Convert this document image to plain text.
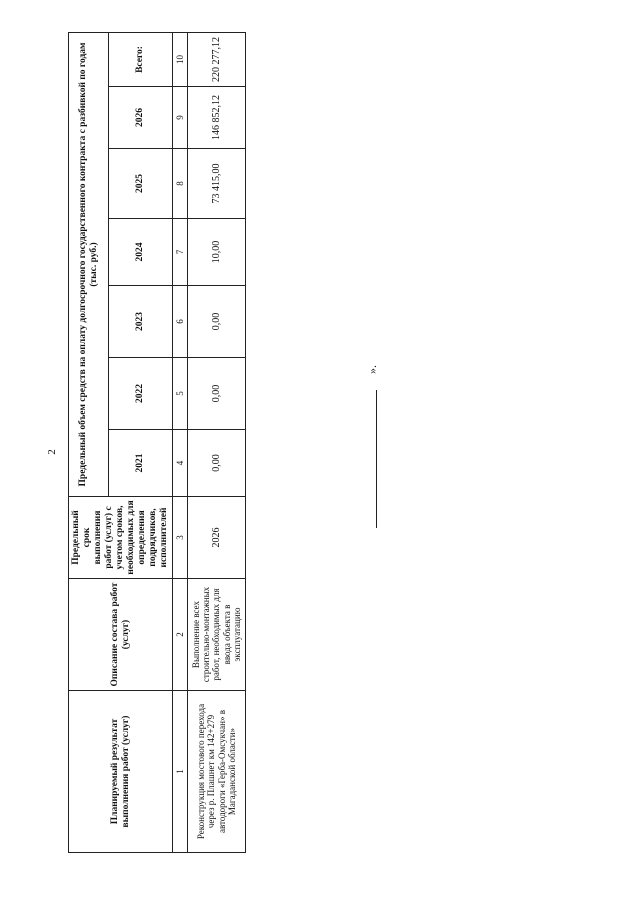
2
».
Планируемый результат выполнения работ (услуг)	Описание состава работ (услуг)	Предельный срок выполнения работ (услуг) с учетом сроков, необходимых для определения подрядчиков, исполнителей	Предельный объем средств на оплату долгосрочного государственного контракта с разбивкой по годам (тыс. руб.)						
			2021	2022	2023	2024	2025	2026	Всего:
1	2	3	4	5	6	7	8	9	10
Реконструкция мостового перехода через р. Плашнет км 142+279 автодороги «Герба-Омсукчан» в Магаданской области»	Выполнение всех строительно-монтажных работ, необходимых для ввода объекта в эксплуатацию	2026	0,00	0,00	0,00	10,00	73 415,00	146 852,12	220 277,12
